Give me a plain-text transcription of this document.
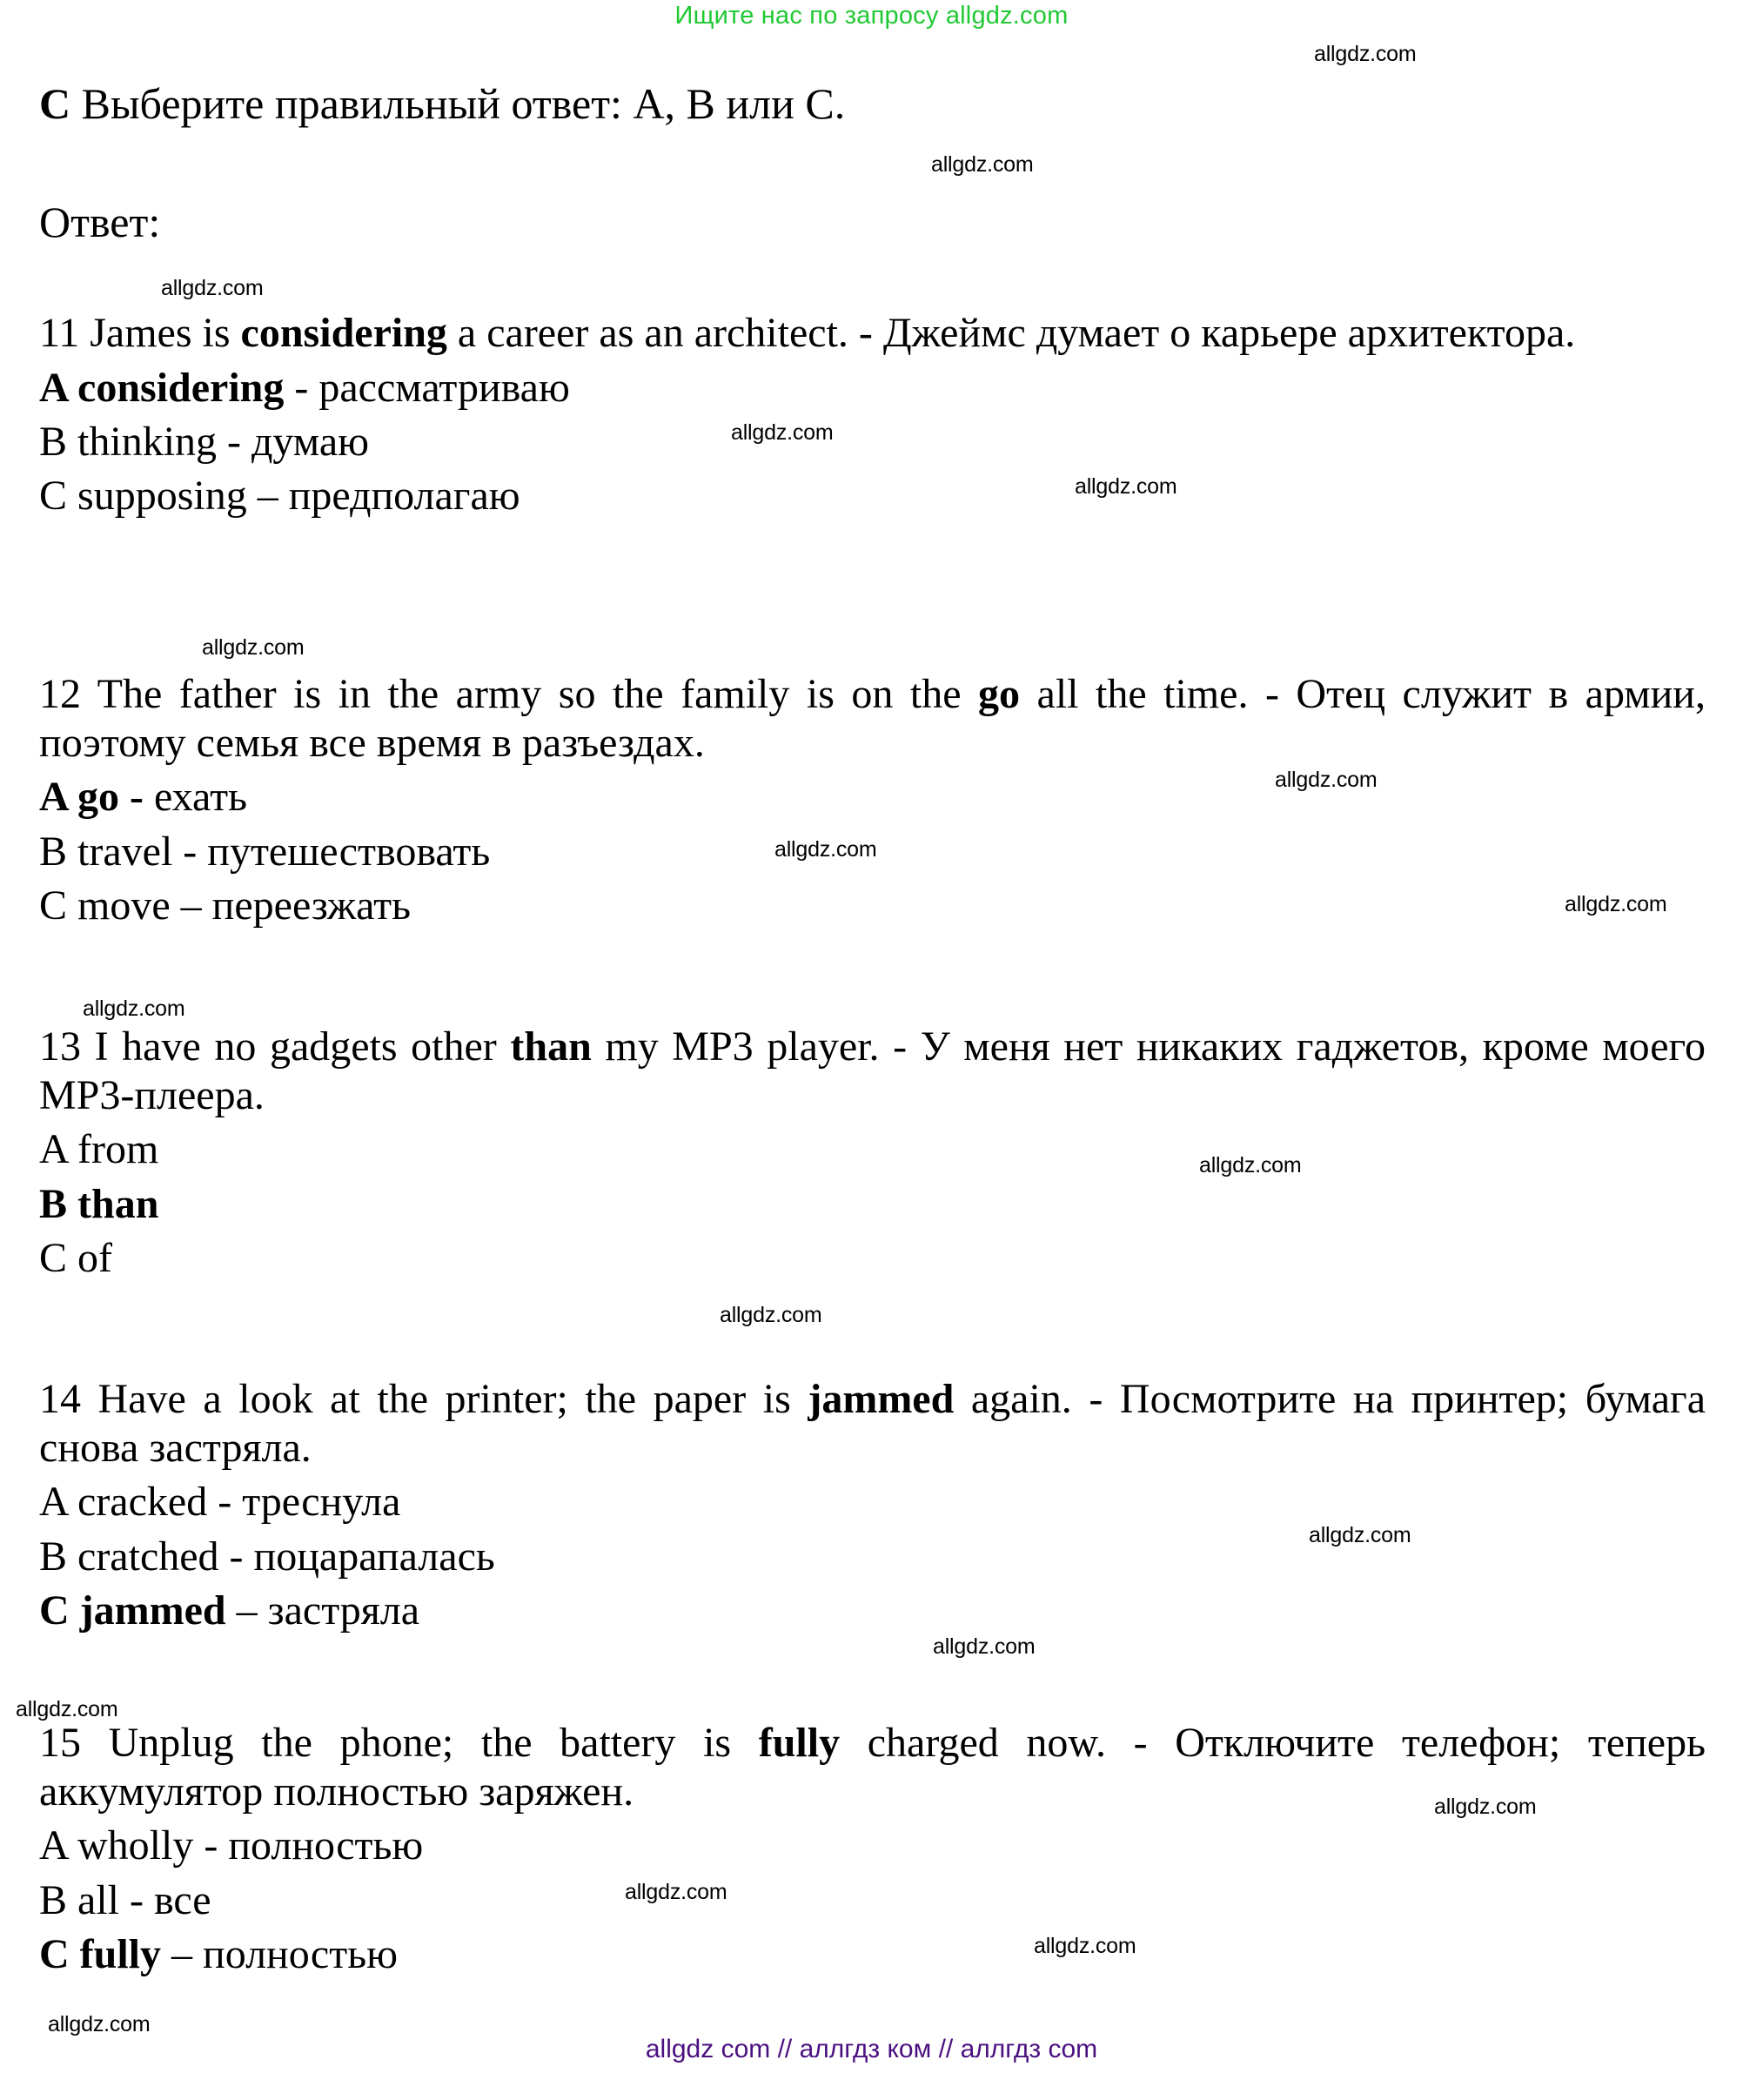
Ищите нас по запросу allgdz.com
allgdz.com
allgdz.com
allgdz.com
allgdz.com
allgdz.com
allgdz.com
allgdz.com
allgdz.com
allgdz.com
allgdz.com
allgdz.com
allgdz.com
allgdz.com
allgdz.com
allgdz.com
allgdz.com
allgdz.com
allgdz.com
allgdz.com
C Выберите правильный ответ: А, В или С.
Ответ:

11 James is considering a career as an architect. - Джеймс думает о карьере архитектора.

A considering - рассматриваю

B thinking - думаю

C supposing – предполагаю

12 The father is in the army so the family is on the go all the time. - Отец служит в армии, поэтому семья все время в разъездах.

A go - ехать

B travel - путешествовать

C move – переезжать

13 I have no gadgets other than my MP3 player. - У меня нет никаких гаджетов, кроме моего MP3-плеера.

A from

B than

C of

14 Have a look at the printer; the paper is jammed again. - Посмотрите на принтер; бумага снова застряла.

A cracked - треснула

B cratched - поцарапалась

C jammed – застряла

15 Unplug the phone; the battery is fully charged now. - Отключите телефон; теперь аккумулятор полностью заряжен.

A wholly - полностью

B all - все

C fully – полностью

allgdz com // аллгдз ком // аллгдз com
